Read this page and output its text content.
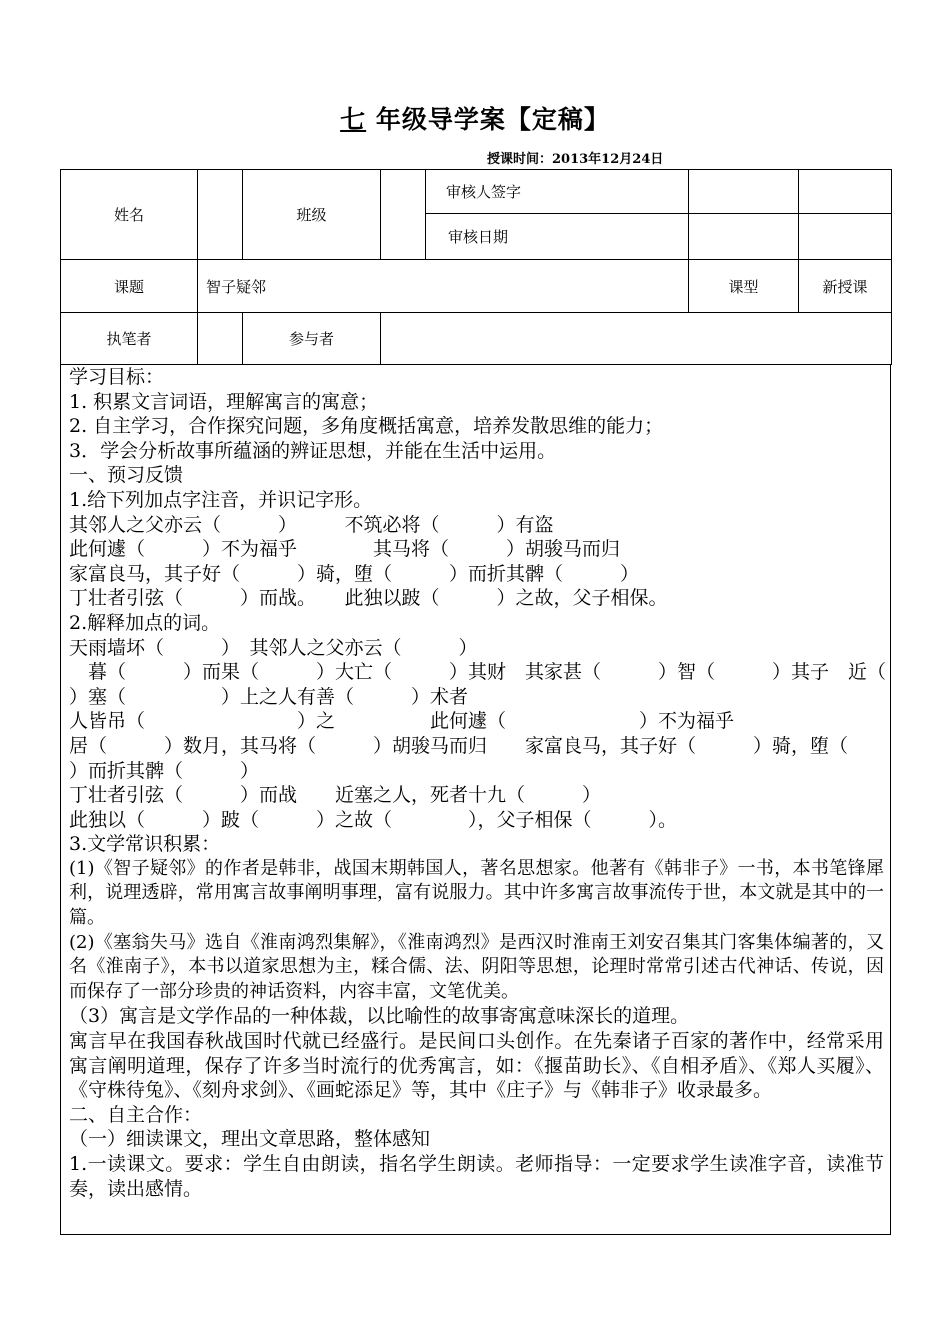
七 年级导学案【定稿】
授课时间：2013年12月24日
姓名		班级		审核人签字		
				审核日期		
课题	智子疑邻				课型	新授课
执笔者		参与者				
学习目标：
1. 积累文言词语，理解寓言的寓意；
2. 自主学习，合作探究问题，多角度概括寓意，培养发散思维的能力；
3．学会分析故事所蕴涵的辨证思想，并能在生活中运用。
一、预习反馈
1.给下列加点字注音，并识记字形。
其邻人之父亦云（　　　）　　　不筑必将（　　　）有盗
此何遽（　　　）不为福乎　　　　其马将（　　　）胡骏马而归
家富良马，其子好（　　　）骑，堕（　　　）而折其髀（　　　）
丁壮者引弦（　　　）而战。　　此独以跛（　　　）之故，父子相保。
2.解释加点的词。
天雨墙坏（　　　）　其邻人之父亦云（　　　）
　暮（　　　）而果（　　　）大亡（　　　）其财　其家甚（　　　）智（　　　）其子　近（
）塞（　　　　　）上之人有善（　　　）术者
人皆吊（　　　　　　　　）之　　　　　此何遽（　　　　　　　）不为福乎
居（　　　）数月，其马将（　　　）胡骏马而归　　家富良马，其子好（　　　）骑，堕（
）而折其髀（　　　）
丁壮者引弦（　　　）而战　　近塞之人，死者十九（　　　）
此独以（　　　）跛（　　　）之故（　　　　），父子相保（　　　）。
3.文学常识积累：
(1)《智子疑邻》的作者是韩非，战国末期韩国人，著名思想家。他著有《韩非子》一书，本书笔锋犀利，说理透辟，常用寓言故事阐明事理，富有说服力。其中许多寓言故事流传于世，本文就是其中的一篇。
(2)《塞翁失马》选自《淮南鸿烈集解》，《淮南鸿烈》是西汉时淮南王刘安召集其门客集体编著的，又名《淮南子》，本书以道家思想为主，糅合儒、法、阴阳等思想，论理时常常引述古代神话、传说，因而保存了一部分珍贵的神话资料，内容丰富，文笔优美。
（3）寓言是文学作品的一种体裁，以比喻性的故事寄寓意味深长的道理。
寓言早在我国春秋战国时代就已经盛行。是民间口头创作。在先秦诸子百家的著作中，经常采用寓言阐明道理，保存了许多当时流行的优秀寓言，如：《揠苗助长》、《自相矛盾》、《郑人买履》、《守株待兔》、《刻舟求剑》、《画蛇添足》等，其中《庄子》与《韩非子》收录最多。
二、自主合作：
（一）细读课文，理出文章思路，整体感知
1.一读课文。要求：学生自由朗读，指名学生朗读。老师指导：一定要求学生读准字音，读准节奏，读出感情。
